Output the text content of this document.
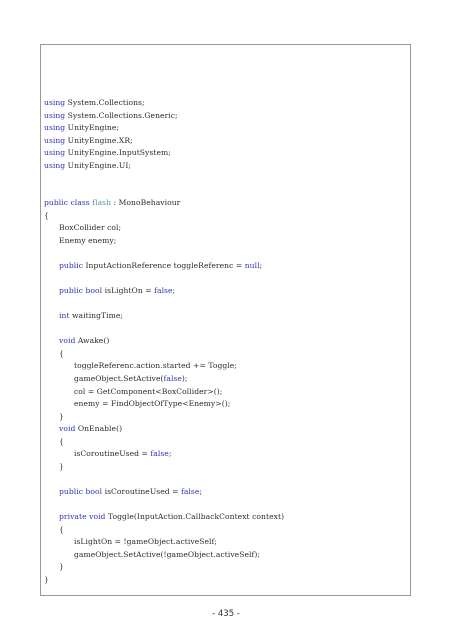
using System.Collections;
using System.Collections.Generic;
using UnityEngine;
using UnityEngine.XR;
using UnityEngine.InputSystem;
using UnityEngine.UI;
public class flash : MonoBehaviour
{
BoxCollider col;
Enemy enemy;
public InputActionReference toggleReferenc = null;
public bool isLightOn = false;
int waitingTime;
void Awake()
{
toggleReferenc.action.started += Toggle;
gameObject.SetActive(false);
col = GetComponent<BoxCollider>();
enemy = FindObjectOfType<Enemy>();
}
void OnEnable()
{
isCoroutineUsed = false;
}
public bool isCoroutineUsed = false;
private void Toggle(InputAction.CallbackContext context)
{
isLightOn = !gameObject.activeSelf;
gameObject.SetActive(!gameObject.activeSelf);
}
}
- 435 -
